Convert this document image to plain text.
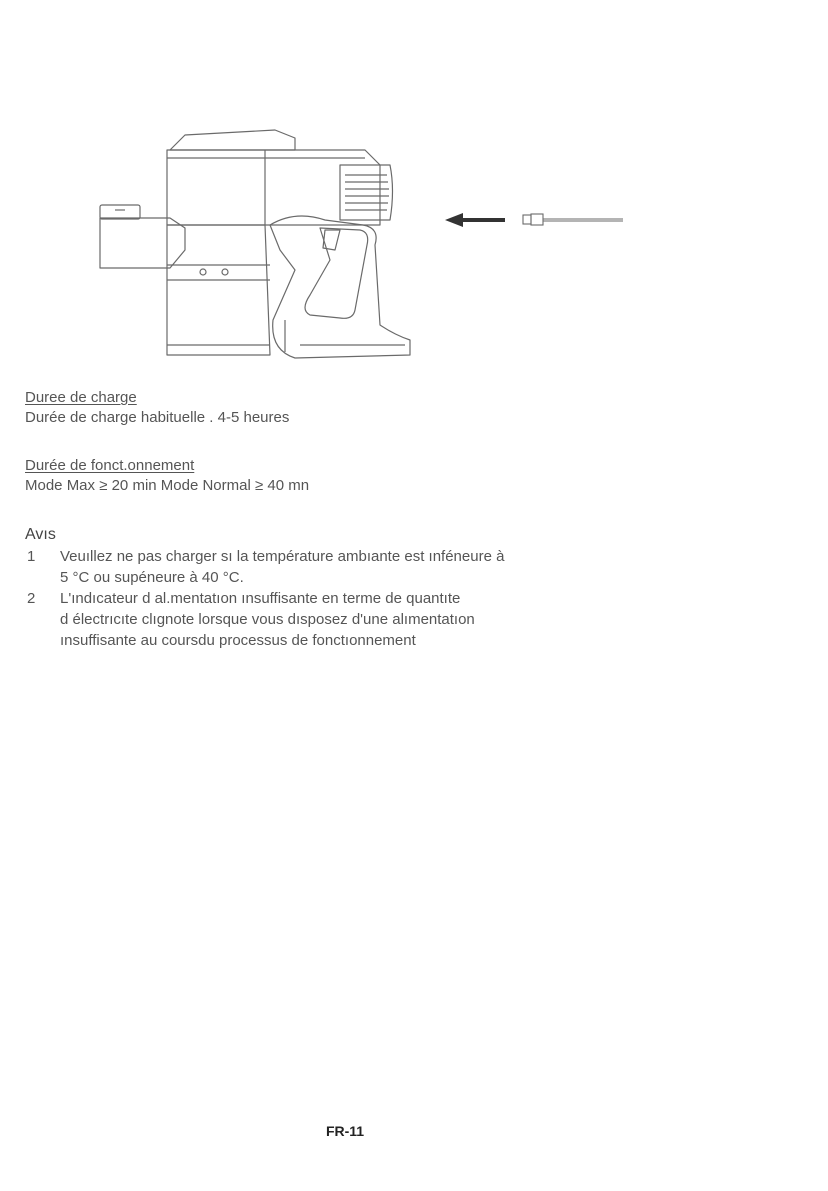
Duree de charge
Durée de charge habituelle . 4-5 heures
Durée de fonct.onnement
Mode Max ≥ 20 min Mode Normal ≥ 40 mn
Avıs
1 Veuıllez ne pas charger sı la température ambıante est ınféneure à
5 °C ou supéneure à 40 °C.
2 L'ındıcateur d al.mentatıon ınsuffisante en terme de quantıte
d électrıcıte clıgnote lorsque vous dısposez d'une alımentatıon
ınsuffisante au coursdu processus de fonctıonnement
FR-11
